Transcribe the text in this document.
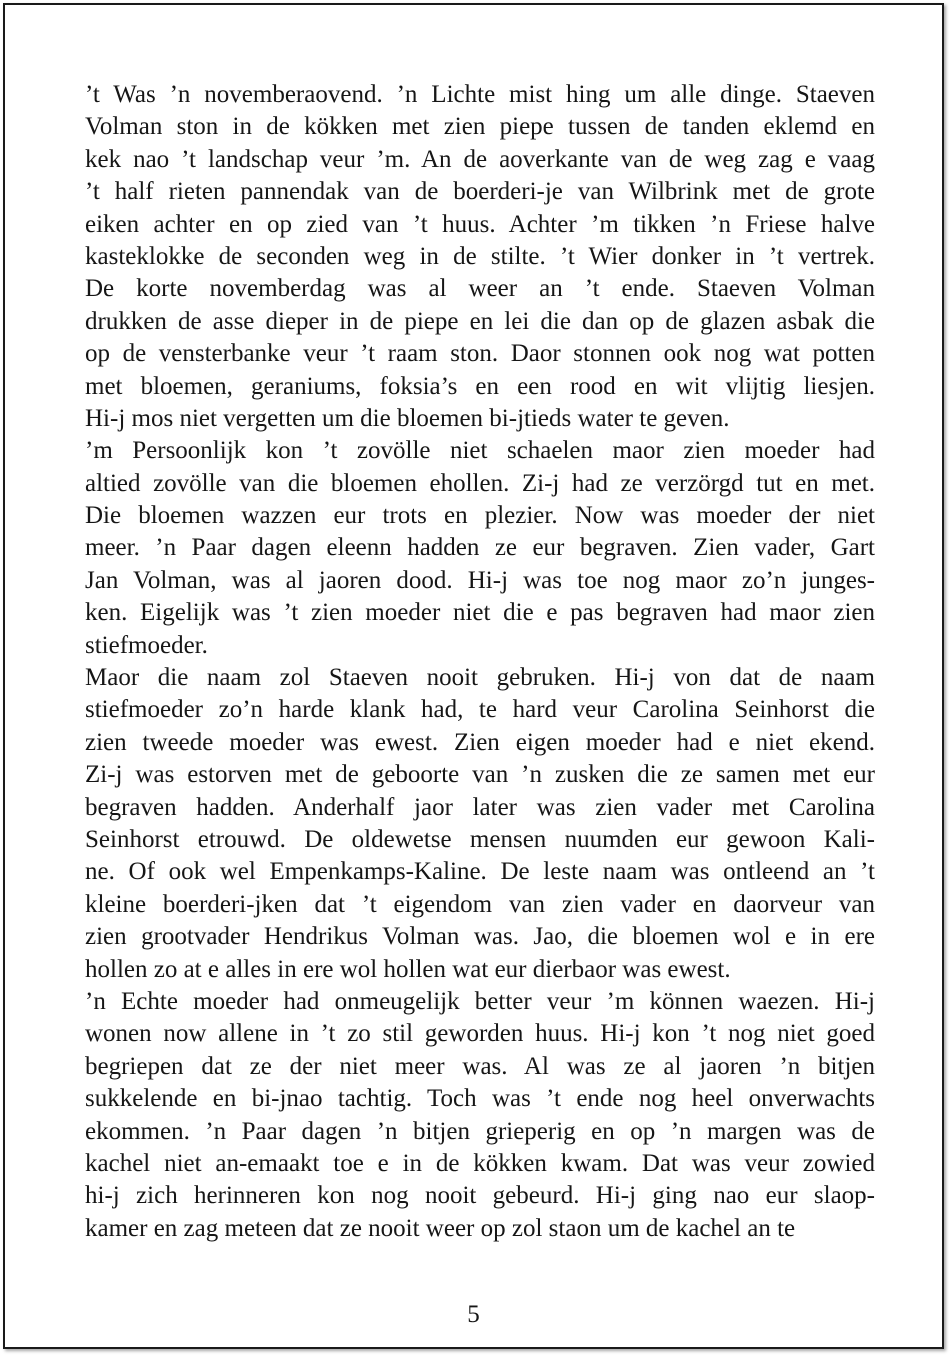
’t Was ’n novemberaovend. ’n Lichte mist hing um alle dinge. Staeven
Volman ston in de kökken met zien piepe tussen de tanden eklemd en
kek nao ’t landschap veur ’m. An de aoverkante van de weg zag e vaag
’t half rieten pannendak van de boerderi-je van Wilbrink met de grote
eiken achter en op zied van ’t huus. Achter ’m tikken ’n Friese halve
kasteklokke de seconden weg in de stilte. ’t Wier donker in ’t vertrek.
De korte novemberdag was al weer an ’t ende. Staeven Volman
drukken de asse dieper in de piepe en lei die dan op de glazen asbak die
op de vensterbanke veur ’t raam ston. Daor stonnen ook nog wat potten
met bloemen, geraniums, foksia’s en een rood en wit vlijtig liesjen.
Hi-j mos niet vergetten um die bloemen bi-jtieds water te geven.
’m Persoonlijk kon ’t zovölle niet schaelen maor zien moeder had
altied zovölle van die bloemen ehollen. Zi-j had ze verzörgd tut en met.
Die bloemen wazzen eur trots en plezier. Now was moeder der niet
meer. ’n Paar dagen eleenn hadden ze eur begraven. Zien vader, Gart
Jan Volman, was al jaoren dood. Hi-j was toe nog maor zo’n junges-
ken. Eigelijk was ’t zien moeder niet die e pas begraven had maor zien
stiefmoeder.
Maor die naam zol Staeven nooit gebruken. Hi-j von dat de naam
stiefmoeder zo’n harde klank had, te hard veur Carolina Seinhorst die
zien tweede moeder was ewest. Zien eigen moeder had e niet ekend.
Zi-j was estorven met de geboorte van ’n zusken die ze samen met eur
begraven hadden. Anderhalf jaor later was zien vader met Carolina
Seinhorst etrouwd. De oldewetse mensen nuumden eur gewoon Kali-
ne. Of ook wel Empenkamps-Kaline. De leste naam was ontleend an ’t
kleine boerderi-jken dat ’t eigendom van zien vader en daorveur van
zien grootvader Hendrikus Volman was. Jao, die bloemen wol e in ere
hollen zo at e alles in ere wol hollen wat eur dierbaor was ewest.
’n Echte moeder had onmeugelijk better veur ’m können waezen. Hi-j
wonen now allene in ’t zo stil geworden huus. Hi-j kon ’t nog niet goed
begriepen dat ze der niet meer was. Al was ze al jaoren ’n bitjen
sukkelende en bi-jnao tachtig. Toch was ’t ende nog heel onverwachts
ekommen. ’n Paar dagen ’n bitjen grieperig en op ’n margen was de
kachel niet an-emaakt toe e in de kökken kwam. Dat was veur zowied
hi-j zich herinneren kon nog nooit gebeurd. Hi-j ging nao eur slaop-
kamer en zag meteen dat ze nooit weer op zol staon um de kachel an te
5
